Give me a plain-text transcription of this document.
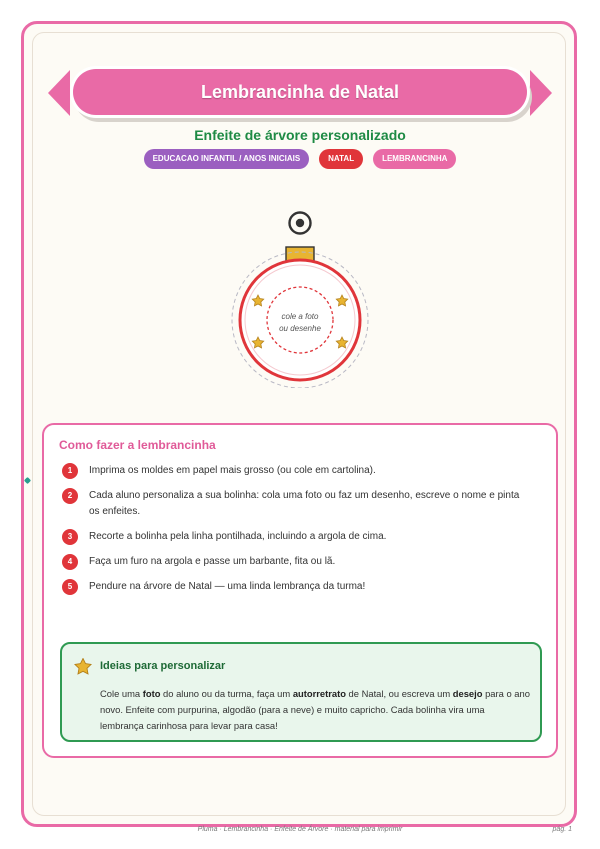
Lembrancinha de Natal
Enfeite de árvore personalizado
EDUCACAO INFANTIL / ANOS INICIAIS	NATAL	LEMBRANCINHA
cole a foto
ou desenhe
Como fazer a lembrancinha
1	Imprima os moldes em papel mais grosso (ou cole em cartolina).
2	Cada aluno personaliza a sua bolinha: cola uma foto ou faz um desenho, escreve o nome e pinta os enfeites.
3	Recorte a bolinha pela linha pontilhada, incluindo a argola de cima.
4	Faça um furo na argola e passe um barbante, fita ou lã.
5	Pendure na árvore de Natal — uma linda lembrança da turma!
Ideias para personalizar
Cole uma foto do aluno ou da turma, faça um autorretrato de Natal, ou escreva um desejo para o ano novo. Enfeite com purpurina, algodão (para a neve) e muito capricho. Cada bolinha vira uma lembrança carinhosa para levar para casa!
Pluma · Lembrancinha · Enfeite de Árvore · material para imprimir	pág. 1
